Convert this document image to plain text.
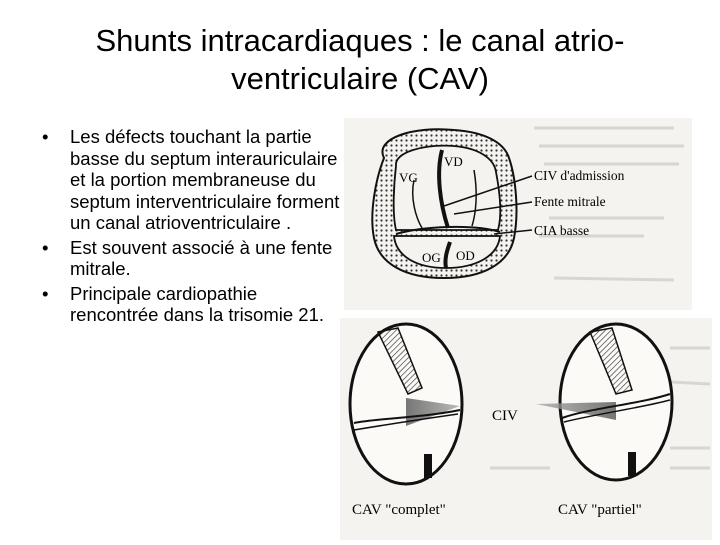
Shunts intracardiaques : le canal atrio-ventriculaire (CAV)
• Les défects touchant la partie basse du septum interauriculaire et la portion membraneuse du septum interventriculaire forment un canal atrioventriculaire .
• Est souvent associé à une fente mitrale.
• Principale cardiopathie rencontrée dans la trisomie 21.
VD
VG
OG OD
CIV d'admission
Fente mitrale
CIA basse
CIV
CAV "complet"	CAV "partiel"
